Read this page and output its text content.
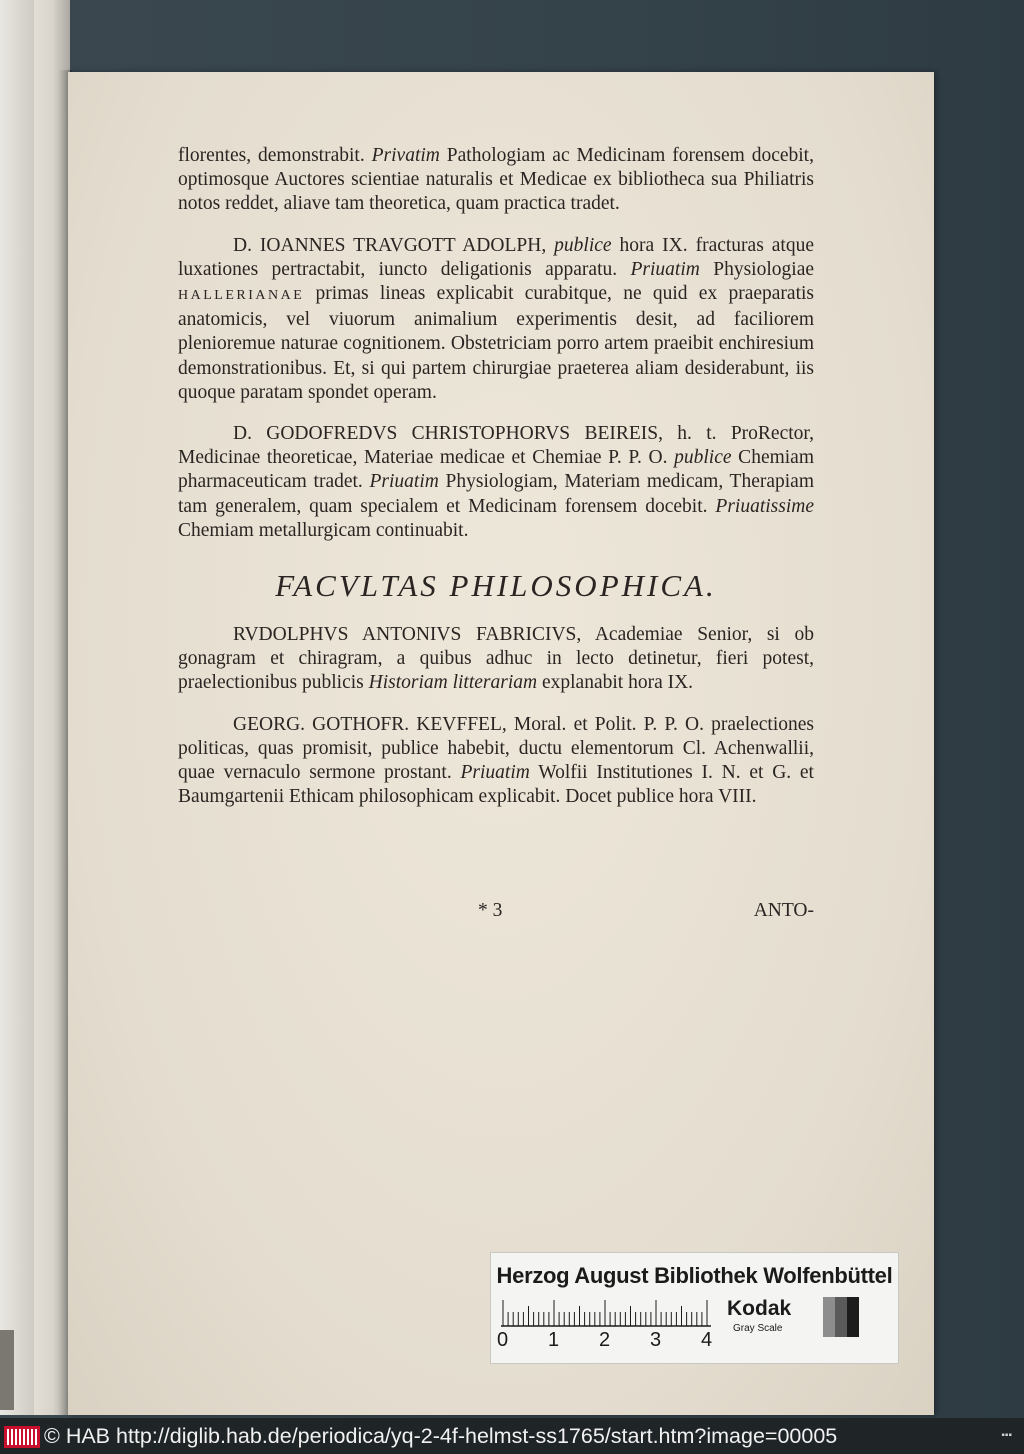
florentes, demonstrabit. Privatim Pathologiam ac Medicinam forensem docebit, optimosque Auctores scientiae naturalis et Medicae ex bibliotheca sua Philiatris notos reddet, aliave tam theoretica, quam practica tradet.

D. IOANNES TRAVGOTT ADOLPH, publice hora IX. fracturas atque luxationes pertractabit, iuncto deligationis apparatu. Priuatim Physiologiae HALLERIANAE primas lineas explicabit curabitque, ne quid ex praeparatis anatomicis, vel viuorum animalium experimentis desit, ad faciliorem plenioremue naturae cognitionem. Obstetriciam porro artem praeibit enchiresium demonstrationibus. Et, si qui partem chirurgiae praeterea aliam desiderabunt, iis quoque paratam spondet operam.

D. GODOFREDVS CHRISTOPHORVS BEIREIS, h. t. ProRector, Medicinae theoreticae, Materiae medicae et Chemiae P. P. O. publice Chemiam pharmaceuticam tradet. Priuatim Physiologiam, Materiam medicam, Therapiam tam generalem, quam specialem et Medicinam forensem docebit. Priuatissime Chemiam metallurgicam continuabit.

FACVLTAS PHILOSOPHICA.

RVDOLPHVS ANTONIVS FABRICIVS, Academiae Senior, si ob gonagram et chiragram, a quibus adhuc in lecto detinetur, fieri potest, praelectionibus publicis Historiam litterariam explanabit hora IX.

GEORG. GOTHOFR. KEVFFEL, Moral. et Polit. P. P. O. praelectiones politicas, quas promisit, publice habebit, ductu elementorum Cl. Achenwallii, quae vernaculo sermone prostant. Priuatim Wolfii Institutiones I. N. et G. et Baumgartenii Ethicam philosophicam explicabit. Docet publice hora VIII.

* 3	ANTO-
Herzog August Bibliothek Wolfenbüttel
0 1 2 3 4
Kodak
Gray Scale
© HAB http://diglib.hab.de/periodica/yq-2-4f-helmst-ss1765/start.htm?image=00005	▪▪▪
